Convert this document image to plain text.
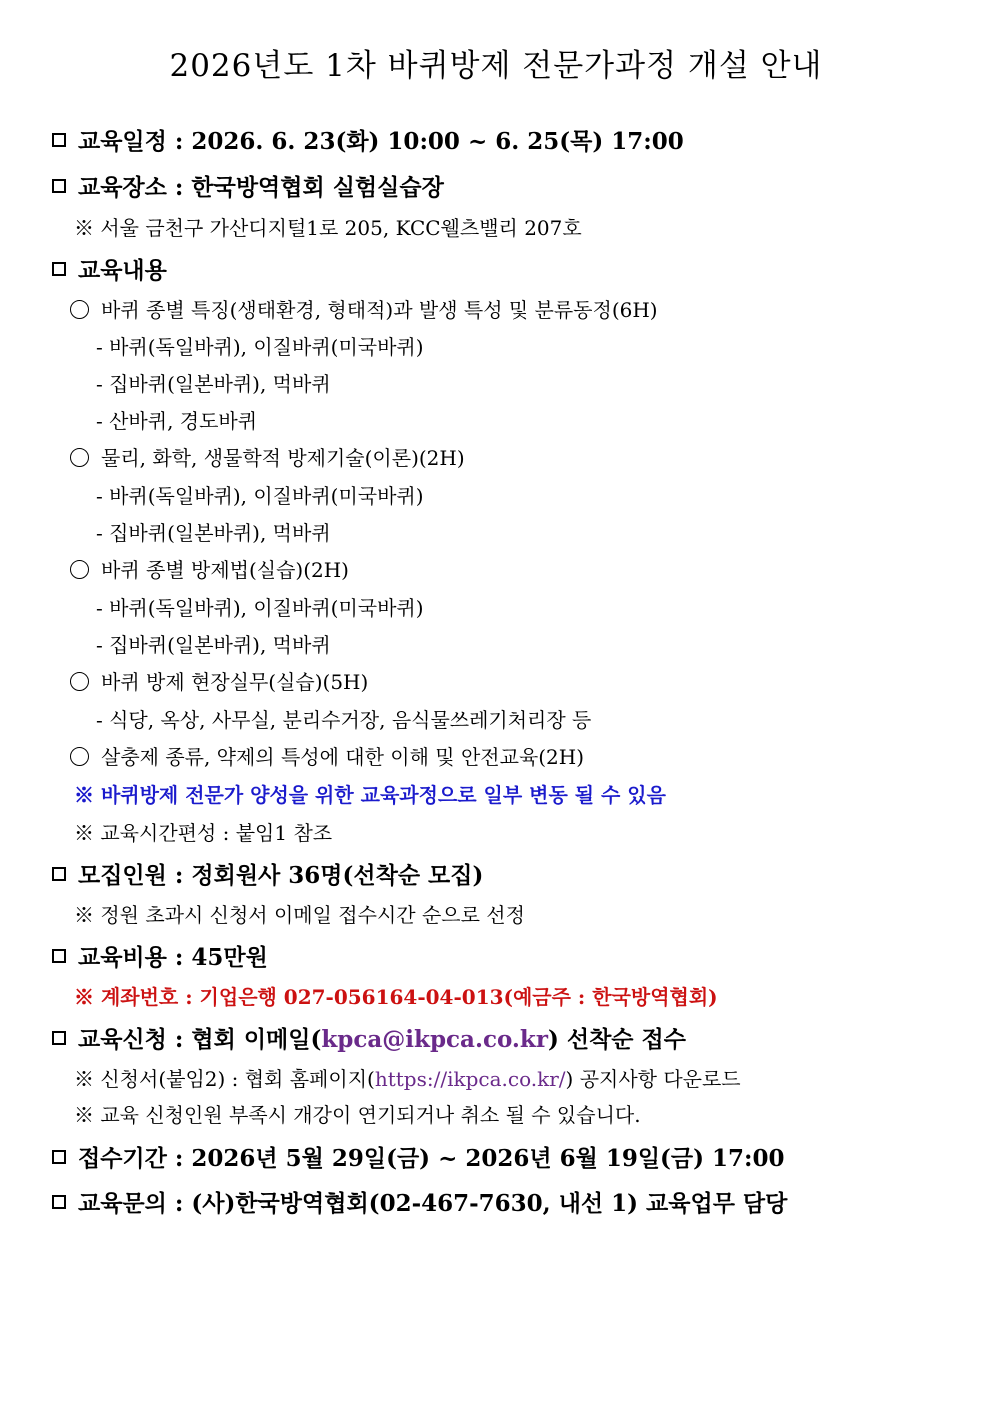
2026년도 1차 바퀴방제 전문가과정 개설 안내
교육일정 : 2026. 6. 23(화) 10:00 ~ 6. 25(목) 17:00
교육장소 : 한국방역협회 실험실습장
※ 서울 금천구 가산디지털1로 205, KCC웰츠밸리 207호
교육내용
바퀴 종별 특징(생태환경, 형태적)과 발생 특성 및 분류동정(6H)
- 바퀴(독일바퀴), 이질바퀴(미국바퀴)
- 집바퀴(일본바퀴), 먹바퀴
- 산바퀴, 경도바퀴
물리, 화학, 생물학적 방제기술(이론)(2H)
- 바퀴(독일바퀴), 이질바퀴(미국바퀴)
- 집바퀴(일본바퀴), 먹바퀴
바퀴 종별 방제법(실습)(2H)
- 바퀴(독일바퀴), 이질바퀴(미국바퀴)
- 집바퀴(일본바퀴), 먹바퀴
바퀴 방제 현장실무(실습)(5H)
- 식당, 옥상, 사무실, 분리수거장, 음식물쓰레기처리장 등
살충제 종류, 약제의 특성에 대한 이해 및 안전교육(2H)
※ 바퀴방제 전문가 양성을 위한 교육과정으로 일부 변동 될 수 있음
※ 교육시간편성 : 붙임1 참조
모집인원 : 정회원사 36명(선착순 모집)
※ 정원 초과시 신청서 이메일 접수시간 순으로 선정
교육비용 : 45만원
※ 계좌번호 : 기업은행 027-056164-04-013(예금주 : 한국방역협회)
교육신청 : 협회 이메일(kpca@ikpca.co.kr) 선착순 접수
※ 신청서(붙임2) : 협회 홈페이지(https://ikpca.co.kr/) 공지사항 다운로드
※ 교육 신청인원 부족시 개강이 연기되거나 취소 될 수 있습니다.
접수기간 : 2026년 5월 29일(금) ~ 2026년 6월 19일(금) 17:00
교육문의 : (사)한국방역협회(02-467-7630, 내선 1) 교육업무 담당
